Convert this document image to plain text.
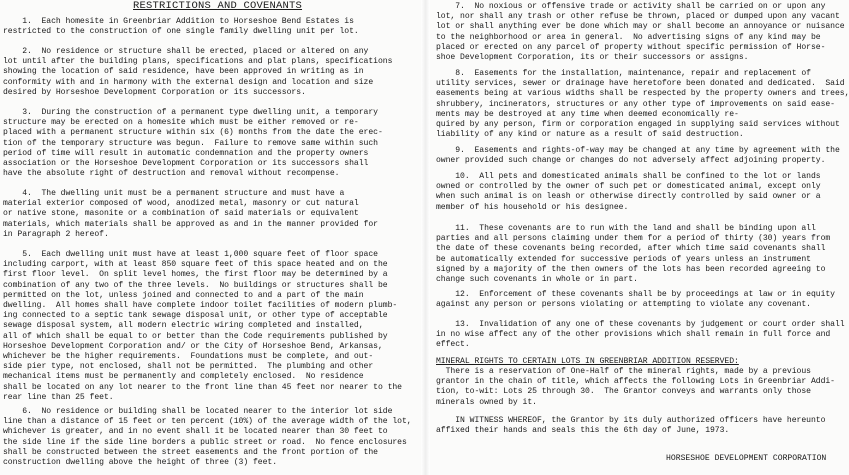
RESTRICTIONS AND COVENANTS
1.  Each homesite in Greenbriar Addition to Horseshoe Bend Estates is
restricted to the construction of one single family dwelling unit per lot.
2.  No residence or structure shall be erected, placed or altered on any
lot until after the building plans, specifications and plat plans, specifications
showing the location of said residence, have been approved in writing as in
conformity with and in harmony with the external design and location and size
desired by Horseshoe Development Corporation or its successors.
3.  During the construction of a permanent type dwelling unit, a temporary
structure may be erected on a homesite which must be either removed or re-
placed with a permanent structure within six (6) months from the date the erec-
tion of the temporary structure was begun.  Failure to remove same within such
period of time will result in automatic condemnation and the property owners
association or the Horseshoe Development Corporation or its successors shall
have the absolute right of destruction and removal without recompense.
4.  The dwelling unit must be a permanent structure and must have a
material exterior composed of wood, anodized metal, masonry or cut natural
or native stone, masonite or a combination of said materials or equivalent
materials, which materials shall be approved as and in the manner provided for
in Paragraph 2 hereof.
5.  Each dwelling unit must have at least 1,000 square feet of floor space
including carport, with at least 850 square feet of this space heated and on the
first floor level.  On split level homes, the first floor may be determined by a
combination of any two of the three levels.  No buildings or structures shall be
permitted on the lot, unless joined and connected to and a part of the main
dwelling.  All homes shall have complete indoor toilet facilities of modern plumb-
ing connected to a septic tank sewage disposal unit, or other type of acceptable
sewage disposal system, all modern electric wiring completed and installed,
all of which shall be equal to or better than the Code requirements published by
Horseshoe Development Corporation and/ or the City of Horseshoe Bend, Arkansas,
whichever be the higher requirements.  Foundations must be complete, and out-
side pier type, not enclosed, shall not be permitted.  The plumbing and other
mechanical items must be permanently and completely enclosed.  No residence
shall be located on any lot nearer to the front line than 45 feet nor nearer to the
rear line than 25 feet.
6.  No residence or building shall be located nearer to the interior lot side
line than a distance of 15 feet or ten percent (10%) of the average width of the lot,
whichever is greater, and in no event shall it be located nearer than 30 feet to
the side line if the side line borders a public street or road.  No fence enclosures
shall be constructed between the street easements and the front portion of the
construction dwelling above the height of three (3) feet.
7.  No noxious or offensive trade or activity shall be carried on or upon any
lot, nor shall any trash or other refuse be thrown, placed or dumped upon any vacant
lot or shall anything ever be done which may or shall become an annoyance or nuisance
to the neighborhood or area in general.  No advertising signs of any kind may be
placed or erected on any parcel of property without specific permission of Horse-
shoe Development Corporation, its or their successors or assigns.
8.  Easements for the installation, maintenance, repair and replacement of
utility services, sewer or drainage have heretofore been donated and dedicated.  Said
easements being at various widths shall be respected by the property owners and trees,
shrubbery, incinerators, structures or any other type of improvements on said ease-
ments may be destroyed at any time when deemed economically re-
quired by any person, firm or corporation engaged in supplying said services without
liability of any kind or nature as a result of said destruction.
9.  Easements and rights-of-way may be changed at any time by agreement with the
owner provided such change or changes do not adversely affect adjoining property.
10.  All pets and domesticated animals shall be confined to the lot or lands
owned or controlled by the owner of such pet or domesticated animal, except only
when such animal is on leash or otherwise directly controlled by said owner or a
member of his household or his designee.
11.  These covenants are to run with the land and shall be binding upon all
parties and all persons claiming under them for a period of thirty (30) years from
the date of these covenants being recorded, after which time said covenants shall
be automatically extended for successive periods of years unless an instrument
signed by a majority of the then owners of the lots has been recorded agreeing to
change such covenants in whole or in part.
12.  Enforcement of these covenants shall be by proceedings at law or in equity
against any person or persons violating or attempting to violate any covenant.
13.  Invalidation of any one of these covenants by judgement or court order shall
in no wise affect any of the other provisions which shall remain in full force and
effect.
MINERAL RIGHTS TO CERTAIN LOTS IN GREENBRIAR ADDITION RESERVED:
There is a reservation of One-Half of the mineral rights, made by a previous
grantor in the chain of title, which affects the following Lots in Greenbriar Addi-
tion, to-wit: Lots 25 through 30.  The Grantor conveys and warrants only those
minerals owned by it.
IN WITNESS WHEREOF, the Grantor by its duly authorized officers have hereunto
affixed their hands and seals this the 6th day of June, 1973.
HORSESHOE DEVELOPMENT CORPORATION
